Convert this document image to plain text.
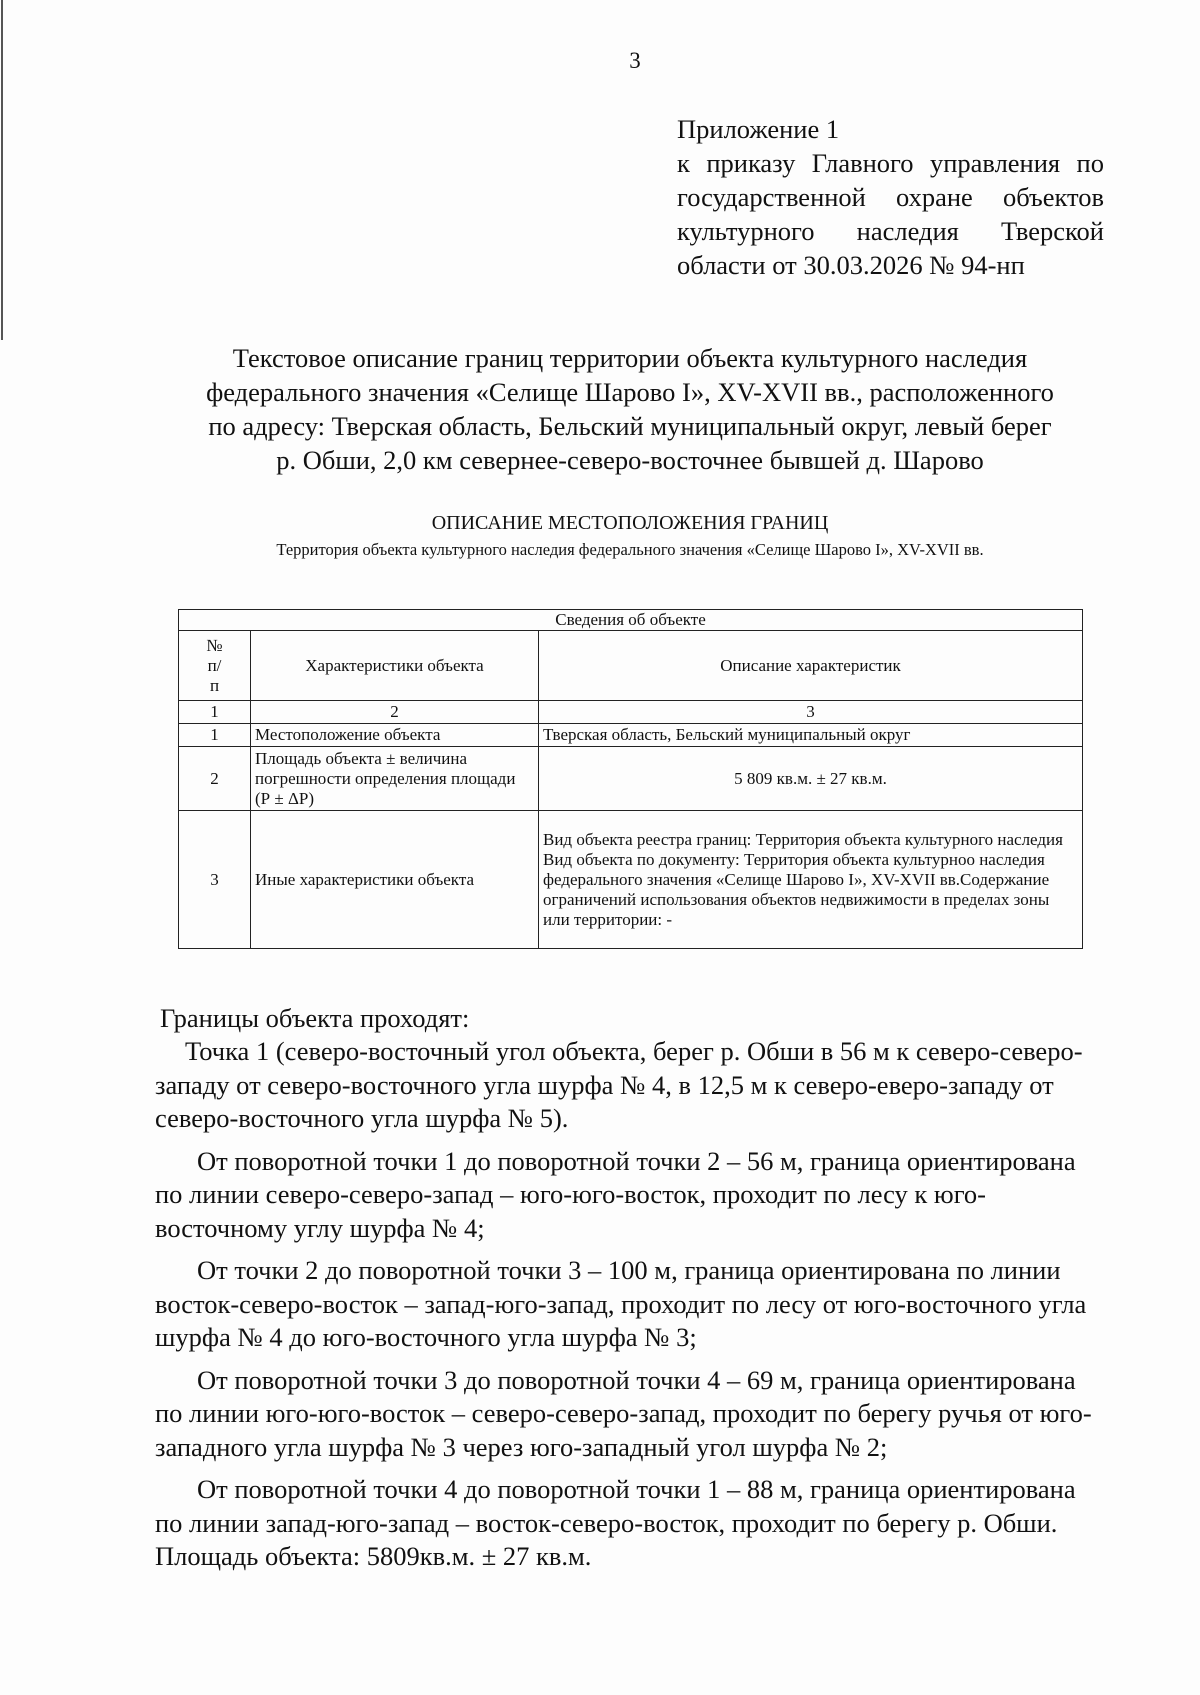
3
Приложение 1
к приказу Главного управления по
государственной охране объектов
культурного наследия Тверской
области от 30.03.2026 № 94-нп
Текстовое описание границ территории объекта культурного наследия
федерального значения «Селище Шарово I», XV-XVII вв., расположенного
по адресу: Тверская область, Бельский муниципальный округ, левый берег
р. Обши, 2,0 км севернее-северо-восточнее бывшей д. Шарово
ОПИСАНИЕ МЕСТОПОЛОЖЕНИЯ ГРАНИЦ
Территория объекта культурного наследия федерального значения «Селище Шарово I», XV-XVII вв.
Сведения об объекте		
№
п/
п	Характеристики объекта	Описание характеристик
1	2	3
1	Местоположение объекта	Тверская область, Бельский муниципальный округ
2	Площадь объекта ± величина погрешности определения площади (Р ± ΔР)	5 809 кв.м. ± 27 кв.м.
3	Иные характеристики объекта	Вид объекта реестра границ: Территория объекта культурного наследия
Вид объекта по документу: Территория объекта культурноо наследия федерального значения «Селище Шарово I», XV-XVII вв.Содержание ограничений использования объектов недвижимости в пределах зоны или территории: -
Границы объекта проходят:

Точка 1 (северо-восточный угол объекта, берег р. Обши в 56 м к северо-северо-западу от северо-восточного угла шурфа № 4, в 12,5 м к северо-еверо-западу от северо-восточного угла шурфа № 5).

От поворотной точки 1 до поворотной точки 2 – 56 м, граница ориентирована по линии северо-северо-запад – юго-юго-восток, проходит по лесу к юго-восточному углу шурфа № 4;

От точки 2 до поворотной точки 3 – 100 м, граница ориентирована по линии восток-северо-восток – запад-юго-запад, проходит по лесу от юго-восточного угла шурфа № 4 до юго-восточного угла шурфа № 3;

От поворотной точки 3 до поворотной точки 4 – 69 м, граница ориентирована по линии юго-юго-восток – северо-северо-запад, проходит по берегу ручья от юго-западного угла шурфа № 3 через юго-западный угол шурфа № 2;

От поворотной точки 4 до поворотной точки 1 – 88 м, граница ориентирована по линии запад-юго-запад – восток-северо-восток, проходит по берегу р. Обши. Площадь объекта: 5809кв.м. ± 27 кв.м.
